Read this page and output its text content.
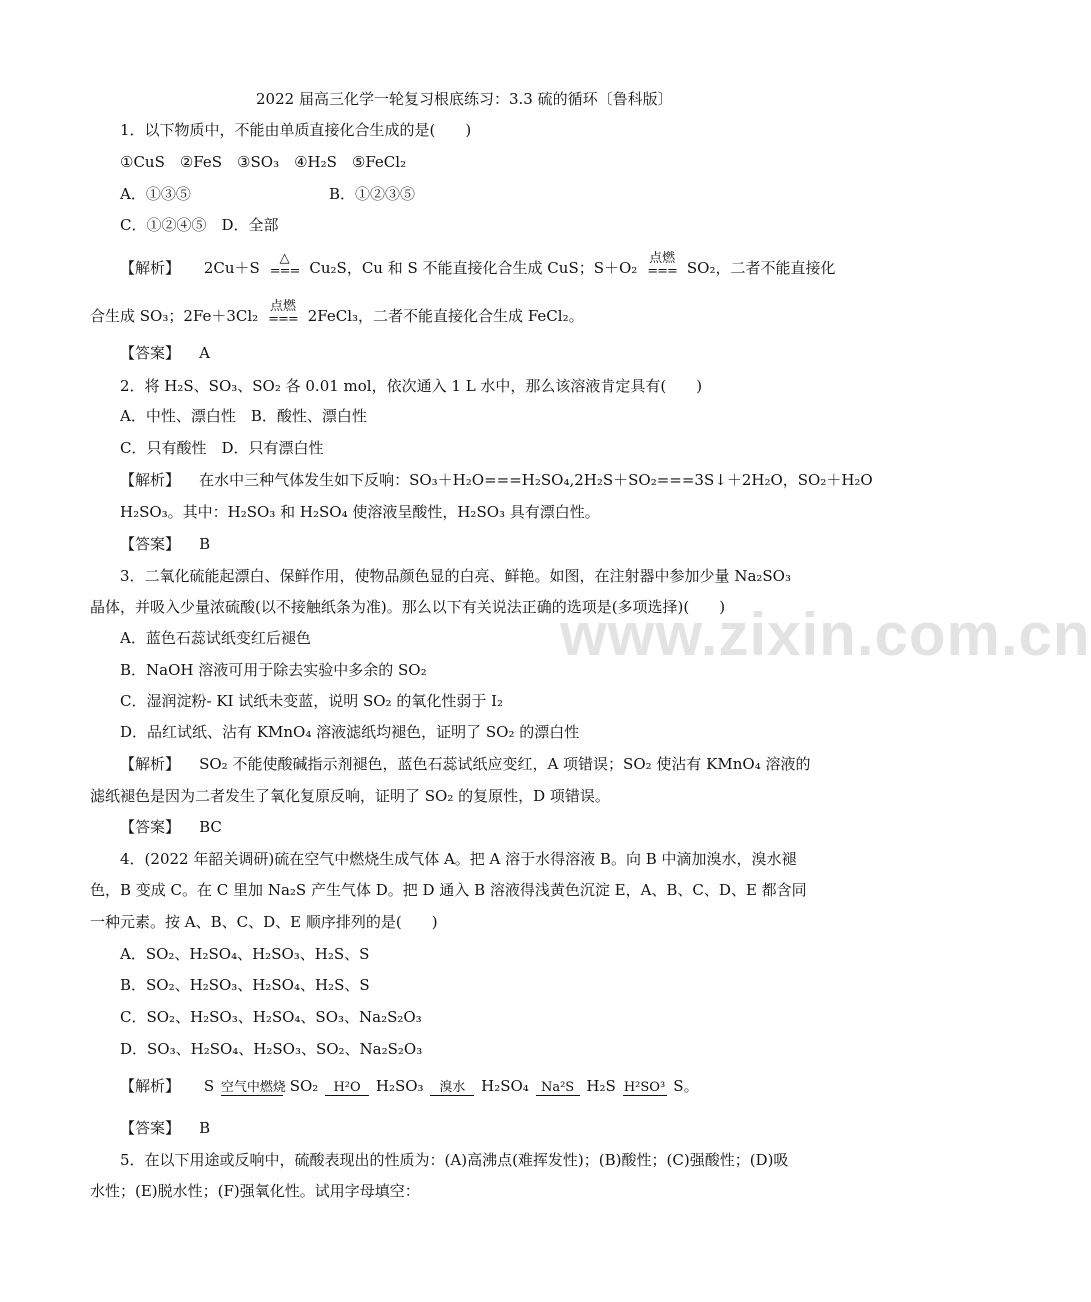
www.zixin.com.cn
2022 届高三化学一轮复习根底练习：3.3 硫的循环〔鲁科版〕
1．以下物质中，不能由单质直接化合生成的是(　　)
①CuS　②FeS　③SO₃　④H₂S　⑤FeCl₂
A．①③⑤	B．①②③⑤
C．①②④⑤　D．全部
【解析】 2Cu＋S
△
=== Cu₂S，Cu 和 S 不能直接化合生成 CuS；S＋O₂
点燃
=== SO₂，二者不能直接化
合生成 SO₃；2Fe＋3Cl₂
点燃
=== 2FeCl₃，二者不能直接化合生成 FeCl₂。
【答案】 A
2．将 H₂S、SO₃、SO₂ 各 0.01 mol，依次通入 1 L 水中，那么该溶液肯定具有(　　)
A．中性、漂白性　B．酸性、漂白性
C．只有酸性　D．只有漂白性
【解析】 在水中三种气体发生如下反响：SO₃＋H₂O===H₂SO₄,2H₂S＋SO₂===3S↓＋2H₂O，SO₂＋H₂O
H₂SO₃。其中：H₂SO₃ 和 H₂SO₄ 使溶液呈酸性，H₂SO₃ 具有漂白性。
【答案】 B
3．二氧化硫能起漂白、保鲜作用，使物品颜色显的白亮、鲜艳。如图，在注射器中参加少量 Na₂SO₃
晶体，并吸入少量浓硫酸(以不接触纸条为准)。那么以下有关说法正确的选项是(多项选择)(　　)
A．蓝色石蕊试纸变红后褪色
B．NaOH 溶液可用于除去实验中多余的 SO₂
C．湿润淀粉- KI 试纸未变蓝，说明 SO₂ 的氧化性弱于 I₂
D．品红试纸、沾有 KMnO₄ 溶液滤纸均褪色，证明了 SO₂ 的漂白性
【解析】 SO₂ 不能使酸碱指示剂褪色，蓝色石蕊试纸应变红，A 项错误；SO₂ 使沾有 KMnO₄ 溶液的
滤纸褪色是因为二者发生了氧化复原反响，证明了 SO₂ 的复原性，D 项错误。
【答案】 BC
4．(2022 年韶关调研)硫在空气中燃烧生成气体 A。把 A 溶于水得溶液 B。向 B 中滴加溴水，溴水褪
色，B 变成 C。在 C 里加 Na₂S 产生气体 D。把 D 通入 B 溶液得浅黄色沉淀 E，A、B、C、D、E 都含同
一种元素。按 A、B、C、D、E 顺序排列的是(　　)
A．SO₂、H₂SO₄、H₂SO₃、H₂S、S
B．SO₂、H₂SO₃、H₂SO₄、H₂S、S
C．SO₂、H₂SO₃、H₂SO₄、SO₃、Na₂S₂O₃
D．SO₃、H₂SO₄、H₂SO₃、SO₂、Na₂S₂O₃
【解析】 S 空气中燃烧 SO₂	H²O	H₂SO₃	溴水	H₂SO₄ Na²S H₂S H²SO³ S。
【答案】 B
5．在以下用途或反响中，硫酸表现出的性质为：(A)高沸点(难挥发性)；(B)酸性；(C)强酸性；(D)吸
水性；(E)脱水性；(F)强氧化性。试用字母填空：
